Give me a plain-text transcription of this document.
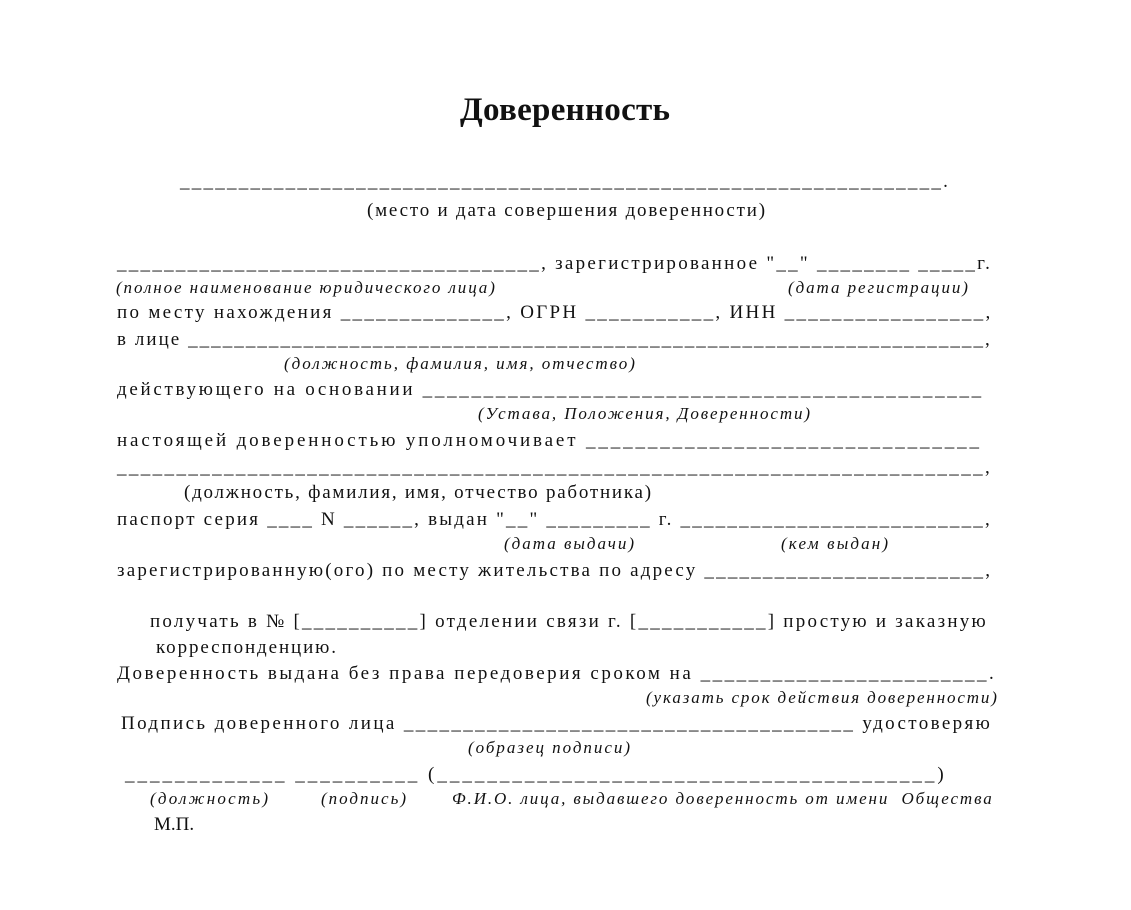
Доверенность
_________________________________________________________________.
(место и дата совершения доверенности)
____________________________________, зарегистрированное "__" ________ _____г.
(полное наименование юридического лица)	(дата регистрации)
по месту нахождения ______________, ОГРН ___________, ИНН _________________,
в лице _____________________________________________________________________,
(должность, фамилия, имя, отчество)
действующего на основании ______________________________________________
(Устава, Положения, Доверенности)
настоящей доверенностью уполномочивает ________________________________
_________________________________________________________________________,
(должность, фамилия, имя, отчество работника)
паспорт серия ____ N ______, выдан "__" _________ г. __________________________,
(дата выдачи)	(кем выдан)
зарегистрированную(ого) по месту жительства по адресу ________________________,
получать в № [__________] отделении связи г. [___________] простую и заказную
корреспонденцию.
Доверенность выдана без права передоверия сроком на ________________________.
(указать срок действия доверенности)
Подпись доверенного лица ______________________________________ удостоверяю
(образец подписи)
_____________ __________ (________________________________________)
(должность)	(подпись)	Ф.И.О. лица, выдавшего доверенность от имени  Общества
М.П.
